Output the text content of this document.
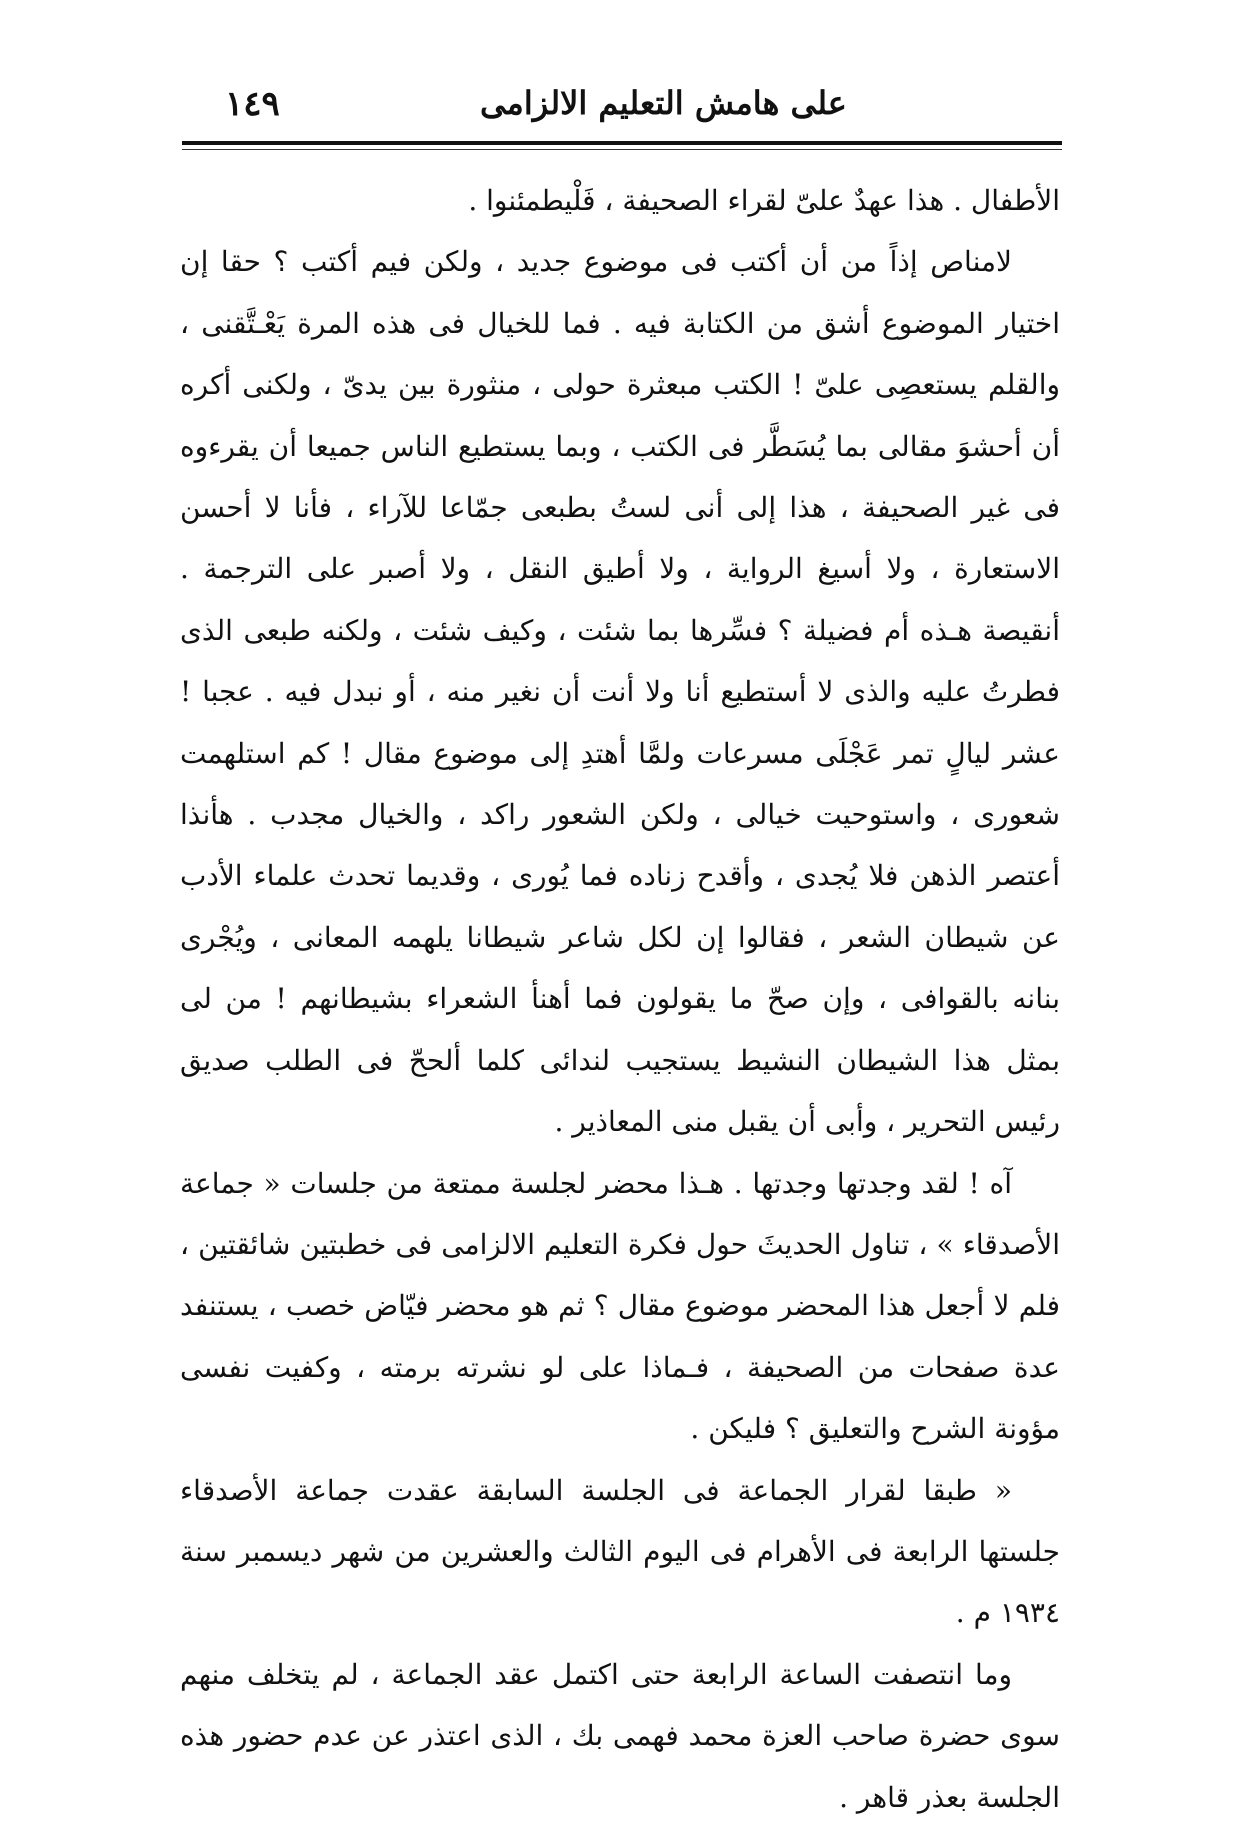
١٤٩	على هامش التعليم الالزامى

الأطفال . هذا عهدٌ علىّ لقراء الصحيفة ، فَلْيطمئنوا .

لامناص إذاً من أن أكتب فى موضوع جديد ، ولكن فيم أكتب ؟ حقا إن اختيار الموضوع أشق من الكتابة فيه . فما للخيال فى هذه المرة يَعْـتَّقنى ، والقلم يستعصِى علىّ ! الكتب مبعثرة حولى ، منثورة بين يدىّ ، ولكنى أكره أن أحشوَ مقالى بما يُسَطَّر فى الكتب ، وبما يستطيع الناس جميعا أن يقرءوه فى غير الصحيفة ، هذا إلى أنى لستُ بطبعى جمّاعا للآراء ، فأنا لا أحسن الاستعارة ، ولا أسيغ الرواية ، ولا أطيق النقل ، ولا أصبر على الترجمة . أنقيصة هـذه أم فضيلة ؟ فسِّرها بما شئت ، وكيف شئت ، ولكنه طبعى الذى فطرتُ عليه والذى لا أستطيع أنا ولا أنت أن نغير منه ، أو نبدل فيه . عجبا ! عشر ليالٍ تمر عَجْلَى مسرعات ولمَّا أهتدِ إلى موضوع مقال ! كم استلهمت شعورى ، واستوحيت خيالى ، ولكن الشعور راكد ، والخيال مجدب . هأنذا أعتصر الذهن فلا يُجدى ، وأقدح زناده فما يُورى ، وقديما تحدث علماء الأدب عن شيطان الشعر ، فقالوا إن لكل شاعر شيطانا يلهمه المعانى ، ويُجْرى بنانه بالقوافى ، وإن صحّ ما يقولون فما أهنأ الشعراء بشيطانهم ! من لى بمثل هذا الشيطان النشيط يستجيب لندائى كلما ألححّ فى الطلب صديق رئيس التحرير ، وأبى أن يقبل منى المعاذير .

آه ! لقد وجدتها وجدتها . هـذا محضر لجلسة ممتعة من جلسات « جماعة الأصدقاء » ، تناول الحديثَ حول فكرة التعليم الالزامى فى خطبتين شائقتين ، فلم لا أجعل هذا المحضر موضوع مقال ؟ ثم هو محضر فيّاض خصب ، يستنفد عدة صفحات من الصحيفة ، فـماذا على لو نشرته برمته ، وكفيت نفسى مؤونة الشرح والتعليق ؟ فليكن .

« طبقا لقرار الجماعة فى الجلسة السابقة عقدت جماعة الأصدقاء جلستها الرابعة فى الأهرام فى اليوم الثالث والعشرين من شهر ديسمبر سنة ١٩٣٤ م .

وما انتصفت الساعة الرابعة حتى اكتمل عقد الجماعة ، لم يتخلف منهم سوى حضرة صاحب العزة محمد فهمى بك ، الذى اعتذر عن عدم حضور هذه الجلسة بعذر قاهر .
